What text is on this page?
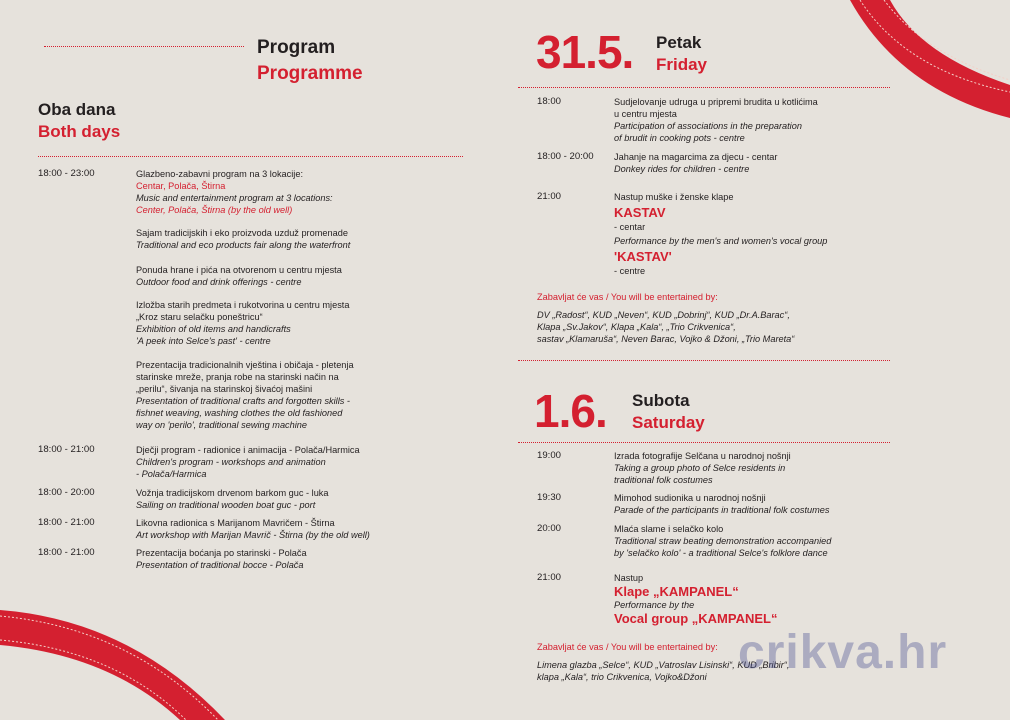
Program
Programme
Oba dana
Both days
18:00 - 23:00	Glazbeno-zabavni program na 3 lokacije:
Centar, Polača, Štirna
Music and entertainment program at 3 locations:
Center, Polača, Štirna (by the old well)
Sajam tradicijskih i eko proizvoda uzduž promenade
Traditional and eco products fair along the waterfront
Ponuda hrane i pića na otvorenom u centru mjesta
Outdoor food and drink offerings - centre
Izložba starih predmeta i rukotvorina u centru mjesta
„Kroz staru selačku poneštricu“
Exhibition of old items and handicrafts
'A peek into Selce's past' - centre
Prezentacija tradicionalnih vještina i običaja - pletenja
starinske mreže, pranja robe na starinski način na
„perilu“, šivanja na starinskoj šivaćoj mašini
Presentation of traditional crafts and forgotten skills -
fishnet weaving, washing clothes the old fashioned
way on 'perilo', traditional sewing machine
18:00 - 21:00	Dječji program - radionice i animacija - Polača/Harmica
Children's program - workshops and animation
- Polača/Harmica
18:00 - 20:00	Vožnja tradicijskom drvenom barkom guc - luka
Sailing on traditional wooden boat guc - port
18:00 - 21:00	Likovna radionica s Marijanom Mavričem - Štirna
Art workshop with Marijan Mavrič - Štirna (by the old well)
18:00 - 21:00	Prezentacija boćanja po starinski - Polača
Presentation of traditional bocce - Polača
31.5. Petak
Friday
18:00	Sudjelovanje udruga u pripremi brudita u kotlićima
u centru mjesta
Participation of associations in the preparation
of brudit in cooking pots - centre
18:00 - 20:00 Jahanje na magarcima za djecu - centar
Donkey rides for children - centre
21:00	Nastup muške i ženske klape
KASTAV
- centar
Performance by the men's and women's vocal group
'KASTAV'
- centre
Zabavljat će vas / You will be entertained by:
DV „Radost“, KUD „Neven“, KUD „Dobrinj“, KUD „Dr.A.Barac“,
Klapa „Sv.Jakov“, Klapa „Kala“, „Trio Crikvenica“,
sastav „Klamaruša“, Neven Barac, Vojko & Džoni, „Trio Mareta“
1.6. Subota
Saturday
19:00	Izrada fotografije Selčana u narodnoj nošnji
Taking a group photo of Selce residents in
traditional folk costumes
19:30	Mimohod sudionika u narodnoj nošnji
Parade of the participants in traditional folk costumes
20:00	Mlaća slame i selačko kolo
Traditional straw beating demonstration accompanied
by 'selačko kolo' - a traditional Selce's folklore dance
21:00	Nastup
Klape „KAMPANEL“
Performance by the
Vocal group „KAMPANEL“
Zabavljat će vas / You will be entertained by:
Limena glazba „Selce“, KUD „Vatroslav Lisinski“, KUD „Bribir“,
klapa „Kala“, trio Crikvenica, Vojko&Džoni crikva.hr
